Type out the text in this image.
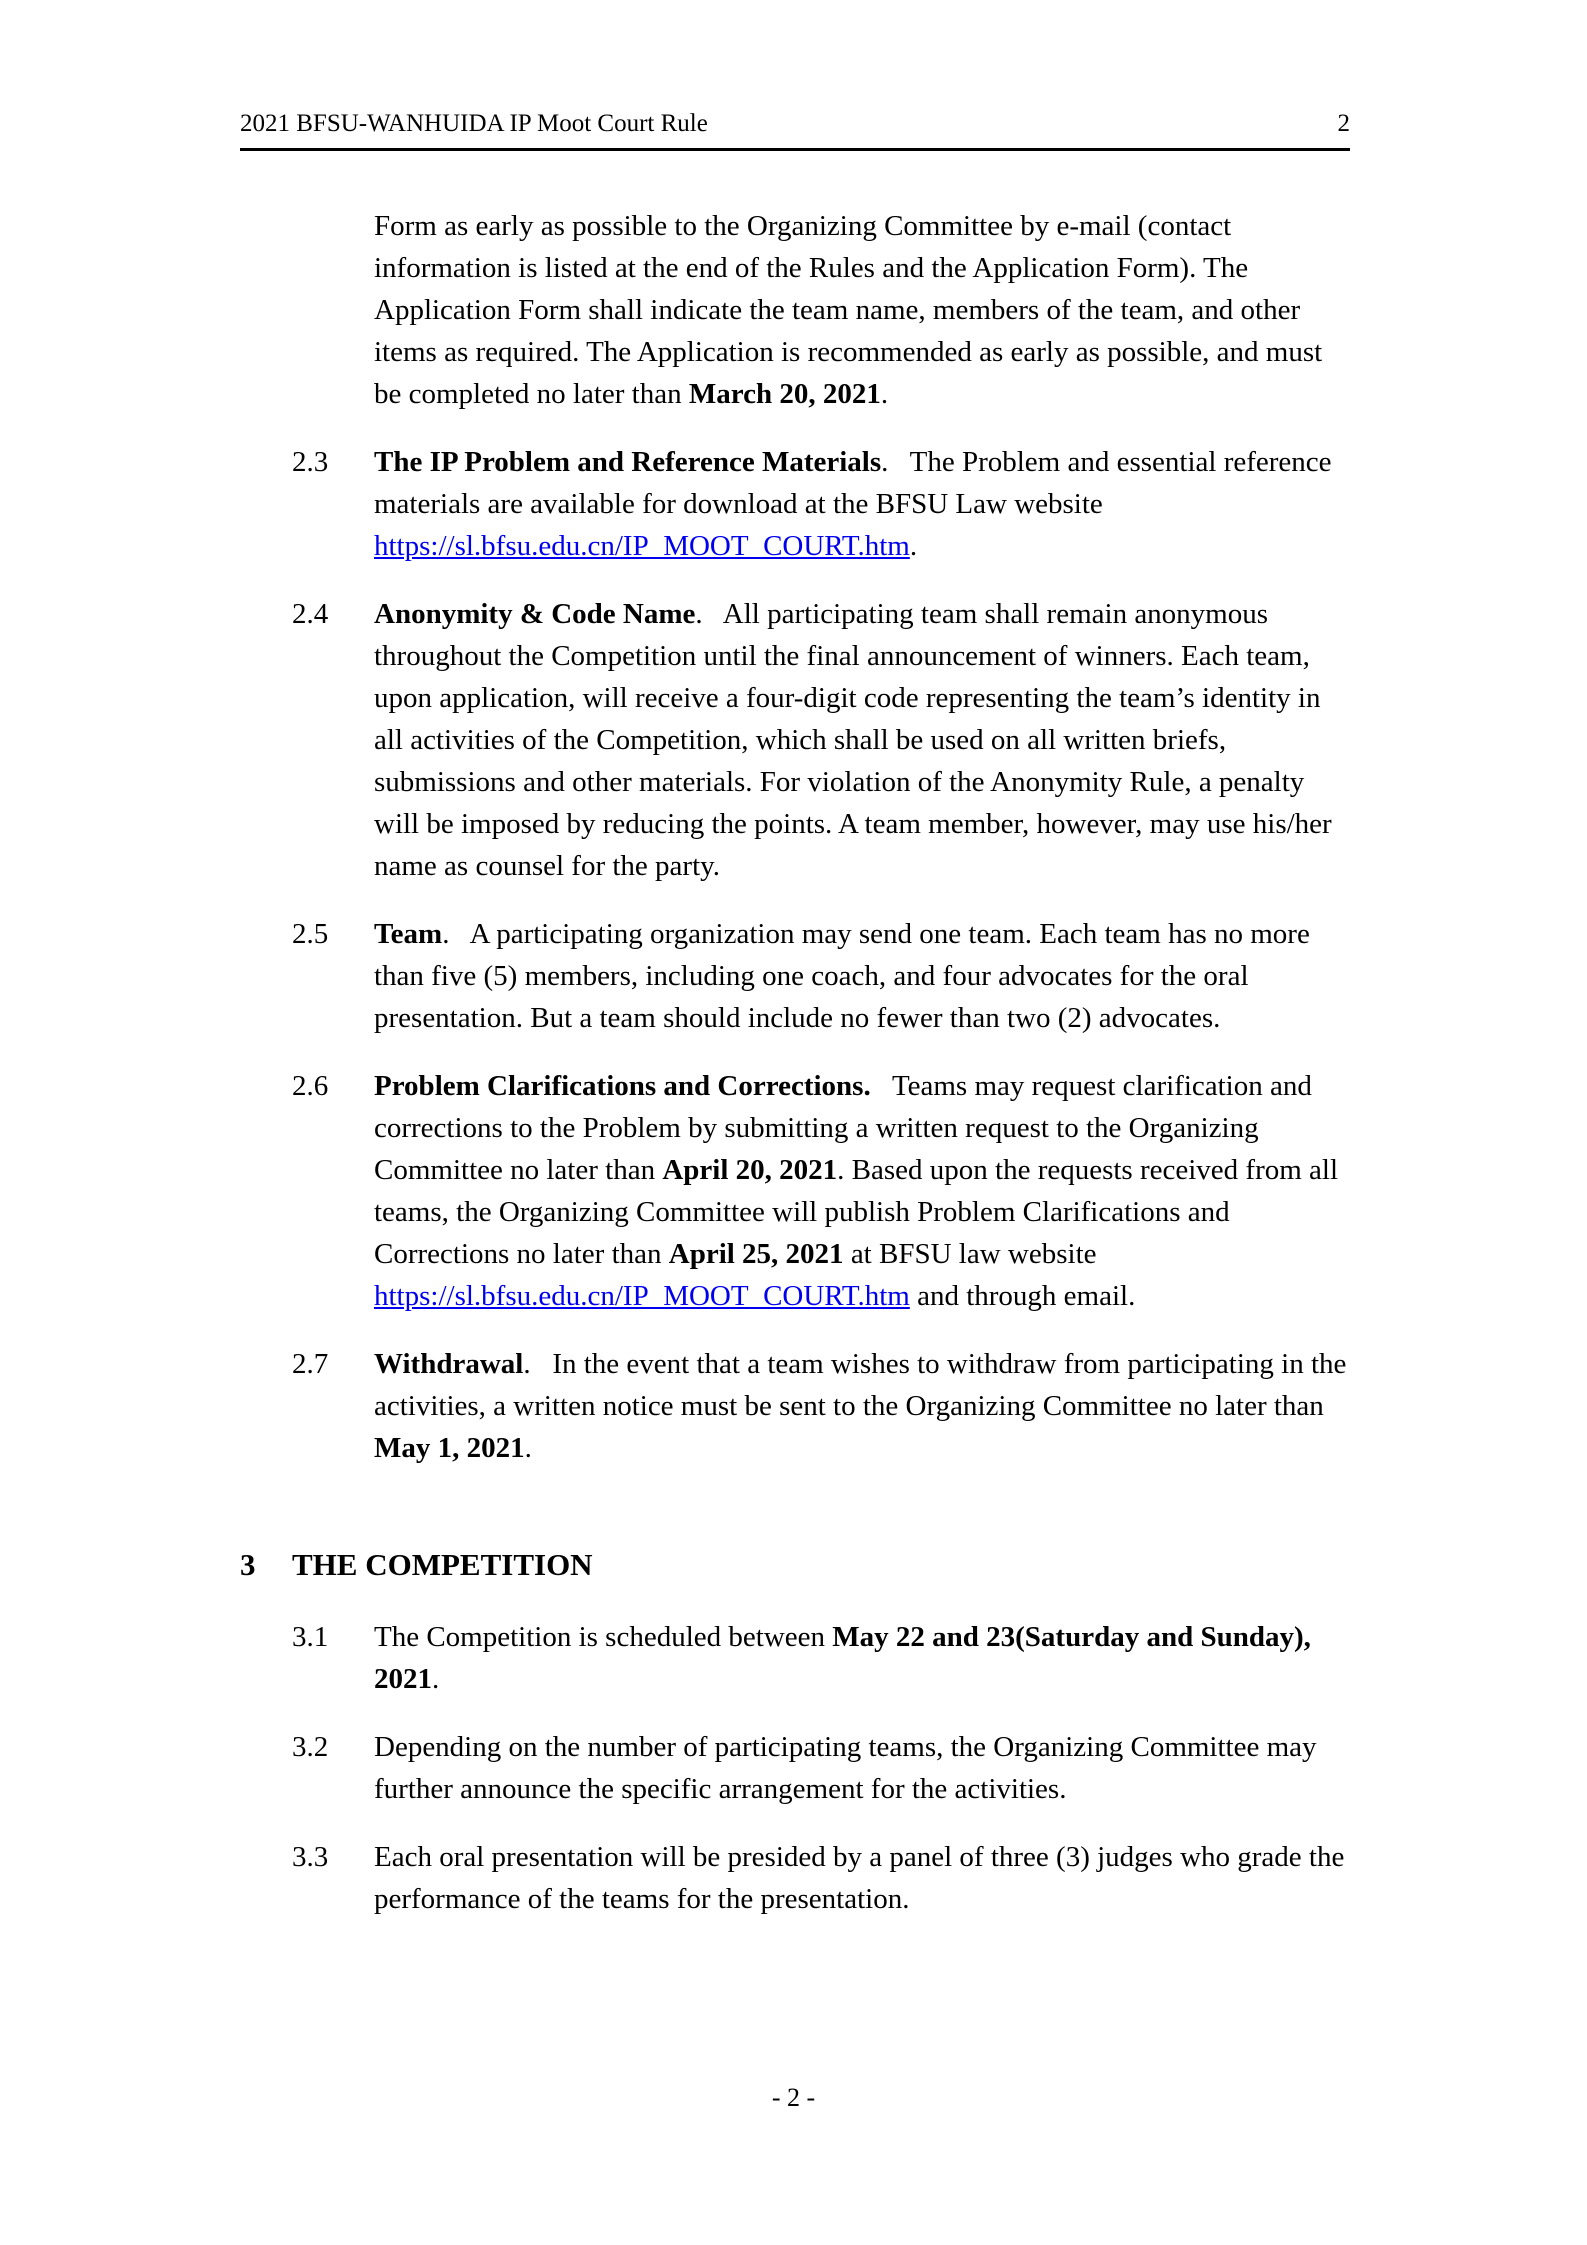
2021 BFSU-WANHUIDA IP Moot Court Rule	2
Form as early as possible to the Organizing Committee by e-mail (contact information is listed at the end of the Rules and the Application Form). The Application Form shall indicate the team name, members of the team, and other items as required. The Application is recommended as early as possible, and must be completed no later than March 20, 2021.
2.3	The IP Problem and Reference Materials.   The Problem and essential reference materials are available for download at the BFSU Law website https://sl.bfsu.edu.cn/IP_MOOT_COURT.htm.
2.4	Anonymity & Code Name.   All participating team shall remain anonymous throughout the Competition until the final announcement of winners. Each team, upon application, will receive a four-digit code representing the team’s identity in all activities of the Competition, which shall be used on all written briefs, submissions and other materials. For violation of the Anonymity Rule, a penalty will be imposed by reducing the points. A team member, however, may use his/her name as counsel for the party.
2.5	Team.   A participating organization may send one team. Each team has no more than five (5) members, including one coach, and four advocates for the oral presentation. But a team should include no fewer than two (2) advocates.
2.6	Problem Clarifications and Corrections.   Teams may request clarification and corrections to the Problem by submitting a written request to the Organizing Committee no later than April 20, 2021. Based upon the requests received from all teams, the Organizing Committee will publish Problem Clarifications and Corrections no later than April 25, 2021 at BFSU law website https://sl.bfsu.edu.cn/IP_MOOT_COURT.htm and through email.
2.7	Withdrawal.   In the event that a team wishes to withdraw from participating in the activities, a written notice must be sent to the Organizing Committee no later than May 1, 2021.
3	THE COMPETITION
3.1	The Competition is scheduled between May 22 and 23(Saturday and Sunday), 2021.
3.2	Depending on the number of participating teams, the Organizing Committee may further announce the specific arrangement for the activities.
3.3	Each oral presentation will be presided by a panel of three (3) judges who grade the performance of the teams for the presentation.
- 2 -
